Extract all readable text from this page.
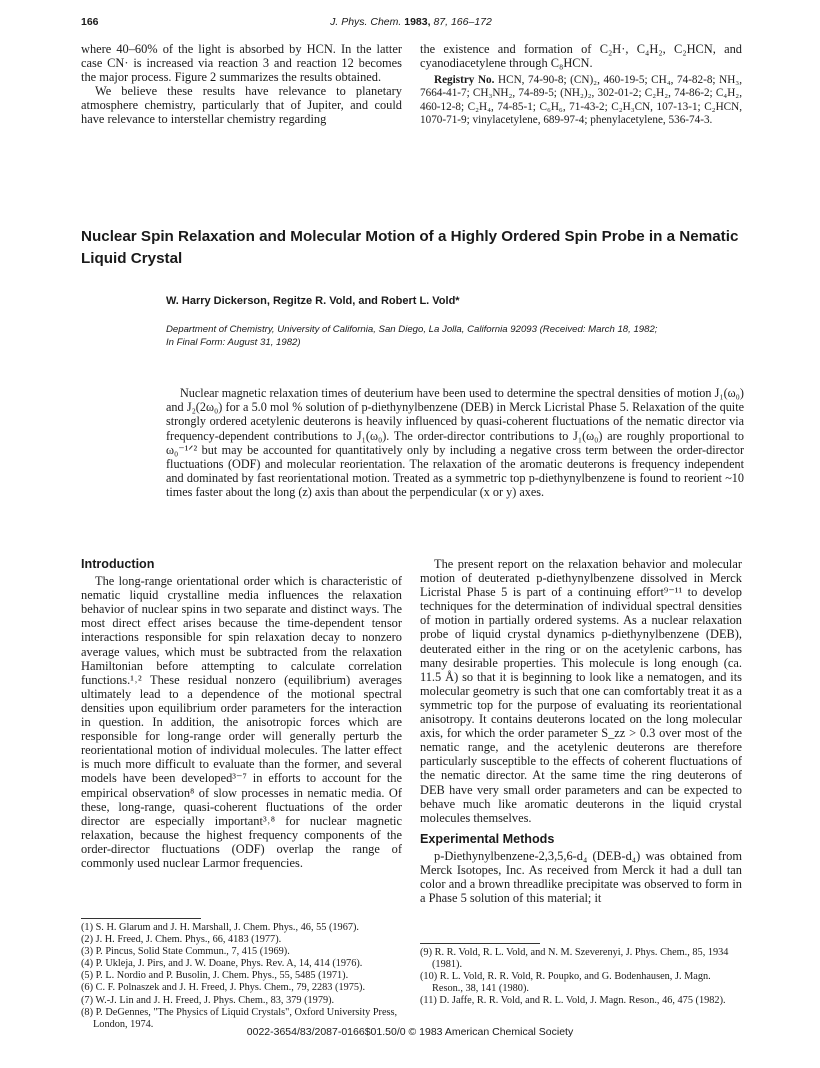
166	J. Phys. Chem. 1983, 87, 166–172

where 40–60% of the light is absorbed by HCN. In the latter case CN· is increased via reaction 3 and reaction 12 becomes the major process. Figure 2 summarizes the results obtained.

We believe these results have relevance to planetary atmosphere chemistry, particularly that of Jupiter, and could have relevance to interstellar chemistry regarding

the existence and formation of C₂H·, C₄H₂, C₂HCN, and cyanodiacetylene through C₈HCN.

Registry No. HCN, 74-90-8; (CN)₂, 460-19-5; CH₄, 74-82-8; NH₃, 7664-41-7; CH₃NH₂, 74-89-5; (NH₂)₂, 302-01-2; C₂H₂, 74-86-2; C₄H₂, 460-12-8; C₂H₄, 74-85-1; C₆H₆, 71-43-2; C₂H₃CN, 107-13-1; C₂HCN, 1070-71-9; vinylacetylene, 689-97-4; phenylacetylene, 536-74-3.

Nuclear Spin Relaxation and Molecular Motion of a Highly Ordered Spin Probe in a Nematic Liquid Crystal
W. Harry Dickerson, Regitze R. Vold, and Robert L. Vold*
Department of Chemistry, University of California, San Diego, La Jolla, California 92093 (Received: March 18, 1982;
In Final Form: August 31, 1982)

Nuclear magnetic relaxation times of deuterium have been used to determine the spectral densities of motion J₁(ω₀) and J₂(2ω₀) for a 5.0 mol % solution of p-diethynylbenzene (DEB) in Merck Licristal Phase 5. Relaxation of the quite strongly ordered acetylenic deuterons is heavily influenced by quasi-coherent fluctuations of the nematic director via frequency-dependent contributions to J₁(ω₀). The order-director contributions to J₁(ω₀) are roughly proportional to ω₀⁻¹ᐟ² but may be accounted for quantitatively only by including a negative cross term between the order-director fluctuations (ODF) and molecular reorientation. The relaxation of the aromatic deuterons is frequency independent and dominated by fast reorientational motion. Treated as a symmetric top p-diethynylbenzene is found to reorient ~10 times faster about the long (z) axis than about the perpendicular (x or y) axes.

Introduction

The long-range orientational order which is characteristic of nematic liquid crystalline media influences the relaxation behavior of nuclear spins in two separate and distinct ways. The most direct effect arises because the time-dependent tensor interactions responsible for spin relaxation decay to nonzero average values, which must be subtracted from the relaxation Hamiltonian before attempting to calculate correlation functions.¹˒² These residual nonzero (equilibrium) averages ultimately lead to a dependence of the motional spectral densities upon equilibrium order parameters for the interaction in question. In addition, the anisotropic forces which are responsible for long-range order will generally perturb the reorientational motion of individual molecules. The latter effect is much more difficult to evaluate than the former, and several models have been developed³⁻⁷ in efforts to account for the empirical observation⁸ of slow processes in nematic media. Of these, long-range, quasi-coherent fluctuations of the order director are especially important³˒⁸ for nuclear magnetic relaxation, because the highest frequency components of the order-director fluctuations (ODF) overlap the range of commonly used nuclear Larmor frequencies.

The present report on the relaxation behavior and molecular motion of deuterated p-diethynylbenzene dissolved in Merck Licristal Phase 5 is part of a continuing effort⁹⁻¹¹ to develop techniques for the determination of individual spectral densities of motion in partially ordered systems. As a nuclear relaxation probe of liquid crystal dynamics p-diethynylbenzene (DEB), deuterated either in the ring or on the acetylenic carbons, has many desirable properties. This molecule is long enough (ca. 11.5 Å) so that it is beginning to look like a nematogen, and its molecular geometry is such that one can comfortably treat it as a symmetric top for the purpose of evaluating its reorientational anisotropy. It contains deuterons located on the long molecular axis, for which the order parameter S_zz > 0.3 over most of the nematic range, and the acetylenic deuterons are therefore particularly susceptible to the effects of coherent fluctuations of the nematic director. At the same time the ring deuterons of DEB have very small order parameters and can be expected to behave much like aromatic deuterons in the liquid crystal molecules themselves.

Experimental Methods

p-Diethynylbenzene-2,3,5,6-d₄ (DEB-d₄) was obtained from Merck Isotopes, Inc. As received from Merck it had a dull tan color and a brown threadlike precipitate was observed to form in a Phase 5 solution of this material; it

(1) S. H. Glarum and J. H. Marshall, J. Chem. Phys., 46, 55 (1967).
(2) J. H. Freed, J. Chem. Phys., 66, 4183 (1977).
(3) P. Pincus, Solid State Commun., 7, 415 (1969).
(4) P. Ukleja, J. Pirs, and J. W. Doane, Phys. Rev. A, 14, 414 (1976).
(5) P. L. Nordio and P. Busolin, J. Chem. Phys., 55, 5485 (1971).
(6) C. F. Polnaszek and J. H. Freed, J. Phys. Chem., 79, 2283 (1975).
(7) W.-J. Lin and J. H. Freed, J. Phys. Chem., 83, 379 (1979).
(8) P. DeGennes, "The Physics of Liquid Crystals", Oxford University Press, London, 1974.
(9) R. R. Vold, R. L. Vold, and N. M. Szeverenyi, J. Phys. Chem., 85, 1934 (1981).
(10) R. L. Vold, R. R. Vold, R. Poupko, and G. Bodenhausen, J. Magn. Reson., 38, 141 (1980).
(11) D. Jaffe, R. R. Vold, and R. L. Vold, J. Magn. Reson., 46, 475 (1982).
0022-3654/83/2087-0166$01.50/0 © 1983 American Chemical Society
